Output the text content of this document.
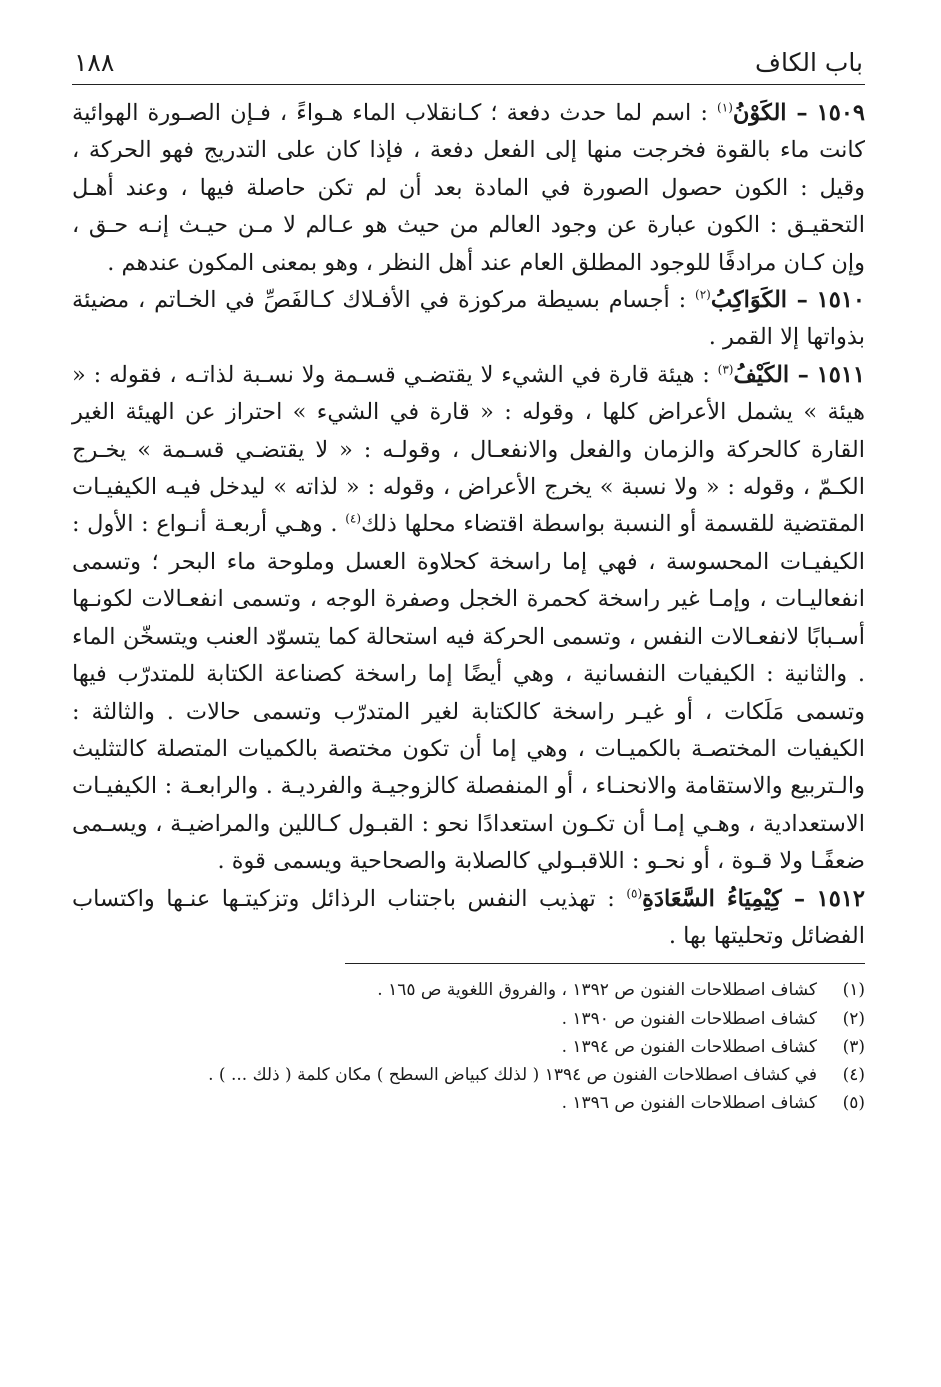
باب الكاف
١٨٨

١٥٠٩ – الكَوْنُ$^{(١)}$ : اسم لما حدث دفعة ؛ كـانقلاب الماء هـواءً ، فـإن الصـورة الهوائية كانت ماء بالقوة فخرجت منها إلى الفعل دفعة ، فإذا كان على التدريج فهو الحركة ، وقيل : الكون حصول الصورة في المادة بعد أن لم تكن حاصلة فيها ، وعند أهـل التحقيـق : الكون عبارة عن وجود العالم من حيث هو عـالم لا مـن حيـث إنـه حـق ، وإن كـان مرادفًا للوجود المطلق العام عند أهل النظر ، وهو بمعنى المكون عندهم .

١٥١٠ – الكَوَاكِبُ$^{(٢)}$ : أجسام بسيطة مركوزة في الأفـلاك كـالفَصِّ في الخـاتم ، مضيئة بذواتها إلا القمر .

١٥١١ – الكَيْفُ$^{(٣)}$ : هيئة قارة في الشيء لا يقتضـي قسـمة ولا نسـبة لذاتـه ، فقوله : « هيئة » يشمل الأعراض كلها ، وقوله : « قارة في الشيء » احتراز عن الهيئة الغير القارة كالحركة والزمان والفعل والانفعـال ، وقولـه : « لا يقتضـي قسـمة » يخـرج الكـمّ ، وقوله : « ولا نسبة » يخرج الأعراض ، وقوله : « لذاته » ليدخل فيـه الكيفيـات المقتضية للقسمة أو النسبة بواسطة اقتضاء محلها ذلك$^{(٤)}$ . وهـي أربعـة أنـواع : الأول : الكيفيـات المحسوسة ، فهي إما راسخة كحلاوة العسل وملوحة ماء البحر ؛ وتسمى انفعاليـات ، وإمـا غير راسخة كحمرة الخجل وصفرة الوجه ، وتسمى انفعـالات لكونـها أسـبابًا لانفعـالات النفس ، وتسمى الحركة فيه استحالة كما يتسوّد العنب ويتسخّن الماء . والثانية : الكيفيات النفسانية ، وهي أيضًا إما راسخة كصناعة الكتابة للمتدرّب فيها وتسمى مَلَكات ، أو غيـر راسخة كالكتابة لغير المتدرّب وتسمى حالات . والثالثة : الكيفيات المختصـة بالكميـات ، وهي إما أن تكون مختصة بالكميات المتصلة كالتثليث والـتربيع والاستقامة والانحنـاء ، أو المنفصلة كالزوجيـة والفرديـة . والرابعـة : الكيفيـات الاستعدادية ، وهـي إمـا أن تكـون استعدادًا نحو : القبـول كـاللين والمراضيـة ، ويسـمى ضعفًـا ولا قـوة ، أو نحـو : اللاقبـولي كالصلابة والصحاحية ويسمى قوة .

١٥١٢ – كِيْمِيَاءُ السَّعَادَةِ$^{(٥)}$ : تهذيب النفس باجتناب الرذائل وتزكيتـها عنـها واكتساب الفضائل وتحليتها بها .

(١)
كشاف اصطلاحات الفنون ص ١٣٩٢ ، والفروق اللغوية ص ١٦٥ .
(٢)
كشاف اصطلاحات الفنون ص ١٣٩٠ .
(٣)
كشاف اصطلاحات الفنون ص ١٣٩٤ .
(٤)
في كشاف اصطلاحات الفنون ص ١٣٩٤ ( لذلك كبياض السطح ) مكان كلمة ( ذلك ... ) .
(٥)
كشاف اصطلاحات الفنون ص ١٣٩٦ .
